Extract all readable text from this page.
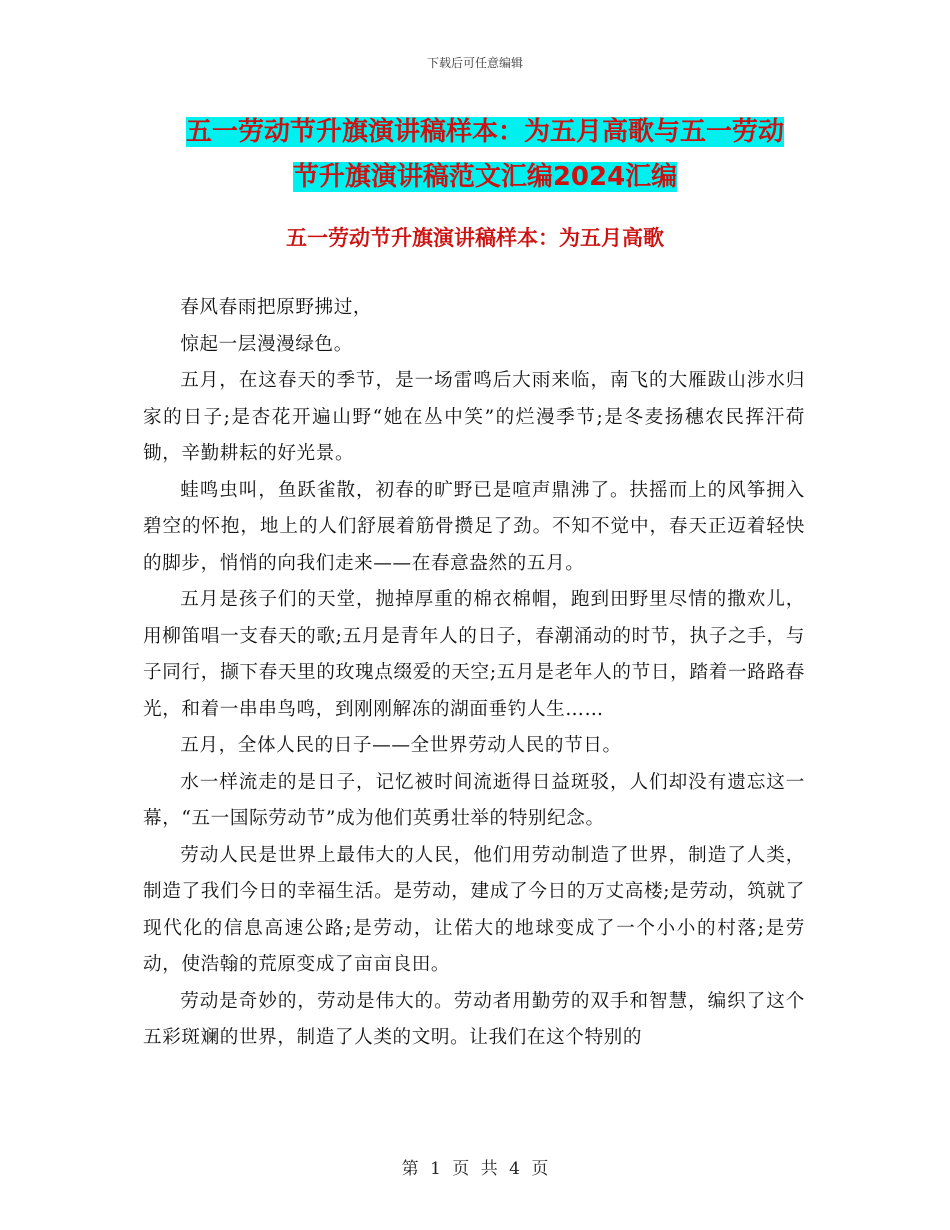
下载后可任意编辑
五一劳动节升旗演讲稿样本：为五月高歌与五一劳动
节升旗演讲稿范文汇编2024汇编
五一劳动节升旗演讲稿样本：为五月高歌

春风春雨把原野拂过，

惊起一层漫漫绿色。

五月，在这春天的季节，是一场雷鸣后大雨来临，南飞的大雁跋山涉水归家的日子;是杏花开遍山野“她在丛中笑”的烂漫季节;是冬麦扬穗农民挥汗荷锄，辛勤耕耘的好光景。

蛙鸣虫叫，鱼跃雀散，初春的旷野已是喧声鼎沸了。扶摇而上的风筝拥入碧空的怀抱，地上的人们舒展着筋骨攒足了劲。不知不觉中，春天正迈着轻快的脚步，悄悄的向我们走来——在春意盎然的五月。

五月是孩子们的天堂，抛掉厚重的棉衣棉帽，跑到田野里尽情的撒欢儿，用柳笛唱一支春天的歌;五月是青年人的日子，春潮涌动的时节，执子之手，与子同行，撷下春天里的玫瑰点缀爱的天空;五月是老年人的节日，踏着一路路春光，和着一串串鸟鸣，到刚刚解冻的湖面垂钓人生……

五月，全体人民的日子——全世界劳动人民的节日。

水一样流走的是日子，记忆被时间流逝得日益斑驳，人们却没有遗忘这一幕，“五一国际劳动节”成为他们英勇壮举的特别纪念。

劳动人民是世界上最伟大的人民，他们用劳动制造了世界，制造了人类，制造了我们今日的幸福生活。是劳动，建成了今日的万丈高楼;是劳动，筑就了现代化的信息高速公路;是劳动，让偌大的地球变成了一个小小的村落;是劳动，使浩翰的荒原变成了亩亩良田。

劳动是奇妙的，劳动是伟大的。劳动者用勤劳的双手和智慧，编织了这个五彩斑斓的世界，制造了人类的文明。让我们在这个特别的

第 1 页 共 4 页
